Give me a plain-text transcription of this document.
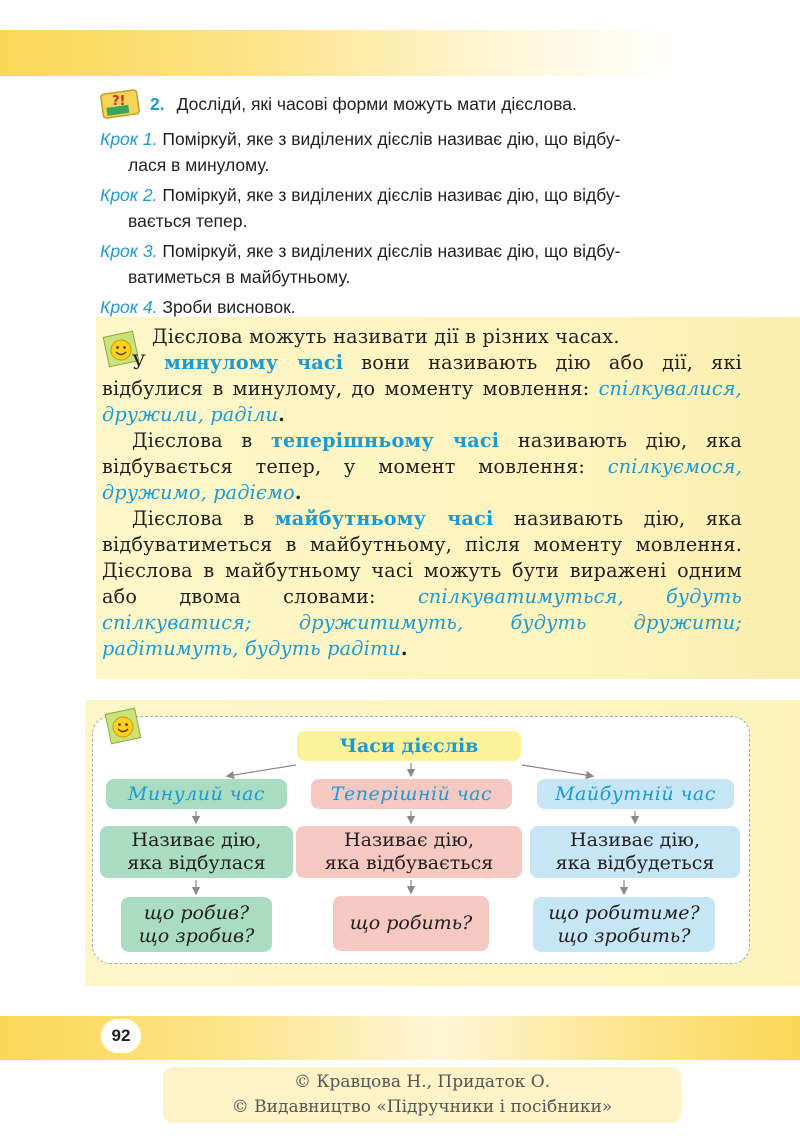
?! 2. Досліди́, які часові форми можуть мати дієслова.
Крок 1. Поміркуй, яке з виділених дієслів називає дію, що відбу-
лася в минулому.
Крок 2. Поміркуй, яке з виділених дієслів називає дію, що відбу-
вається тепер.
Крок 3. Поміркуй, яке з виділених дієслів називає дію, що відбу-
ватиметься в майбутньому.
Крок 4. Зроби висновок.

Дієслова можуть називати дії в різних часах.

У минулому часі вони називають дію або дії, які відбулися в минулому, до моменту мовлення: спілкувалися, дружили, раділи.

Дієслова в теперішньому часі називають дію, яка відбувається тепер, у момент мовлення: спілкуємося, дружимо, радіємо.

Дієслова в майбутньому часі називають дію, яка відбуватиметься в майбутньому, після моменту мовлення. Дієслова в майбутньому часі можуть бути виражені одним або двома словами: спілкуватимуться, будуть спілкуватися; дружитимуть, будуть дружити; радітимуть, будуть радіти.

Часи дієслів
Минулий час	Теперішній час	Майбутній час
Називає дію,
яка відбулася
Називає дію,
яка відбувається
Називає дію,
яка відбудеться
що робив?
що зробив?
що робить?	що робитиме?
що зробить?
92
© Кравцова Н., Придаток О.
© Видавництво «Підручники і посібники»
